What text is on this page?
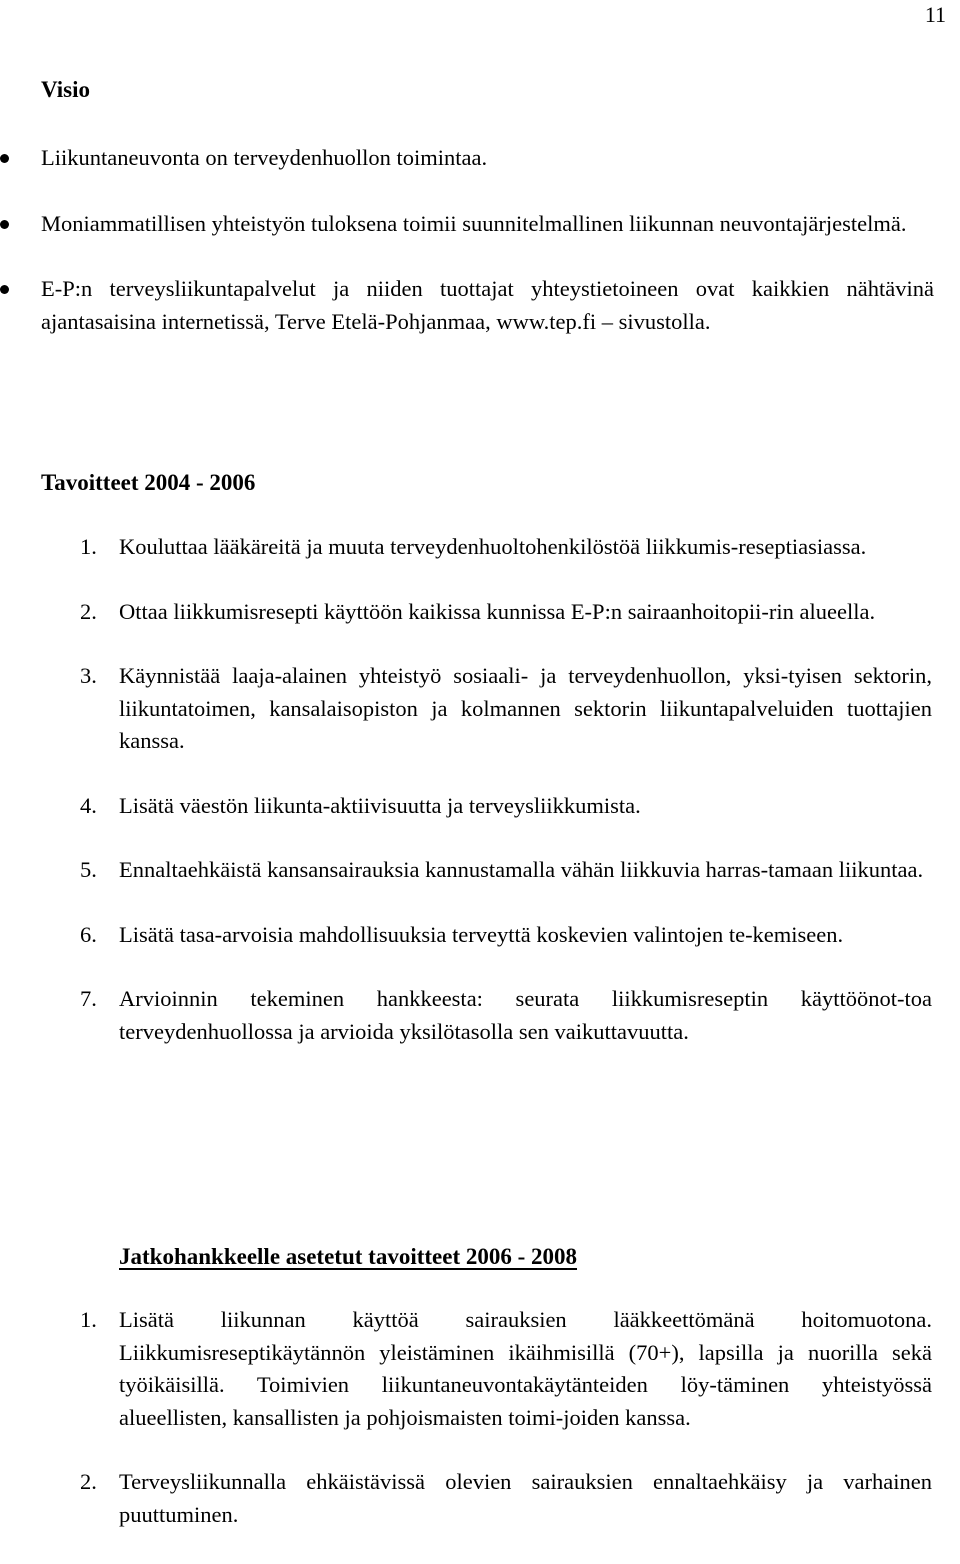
11
Visio
Liikuntaneuvonta on terveydenhuollon toimintaa.
Moniammatillisen yhteistyön tuloksena toimii suunnitelmallinen liikunnan neuvontajärjestelmä.
E-P:n terveysliikuntapalvelut ja niiden tuottajat yhteystietoineen ovat kaikkien nähtävinä ajantasaisina internetissä, Terve Etelä-Pohjanmaa, www.tep.fi – sivustolla.
Tavoitteet 2004 - 2006
1. Kouluttaa lääkäreitä ja muuta terveydenhuoltohenkilöstöä liikkumis-reseptiasiassa.
2. Ottaa liikkumisresepti käyttöön kaikissa kunnissa E-P:n sairaanhoitopii-rin alueella.
3. Käynnistää laaja-alainen yhteistyö sosiaali- ja terveydenhuollon, yksi-tyisen sektorin, liikuntatoimen, kansalaisopiston ja kolmannen sektorin liikuntapalveluiden tuottajien kanssa.
4. Lisätä väestön liikunta-aktiivisuutta ja terveysliikkumista.
5. Ennaltaehkäistä kansansairauksia kannustamalla vähän liikkuvia harras-tamaan liikuntaa.
6. Lisätä tasa-arvoisia mahdollisuuksia terveyttä koskevien valintojen te-kemiseen.
7. Arvioinnin tekeminen hankkeesta: seurata liikkumisreseptin käyttöönot-toa terveydenhuollossa ja arvioida yksilötasolla sen vaikuttavuutta.
Jatkohankkeelle asetetut tavoitteet 2006 - 2008
1. Lisätä liikunnan käyttöä sairauksien lääkkeettömänä hoitomuotona. Liikkumisreseptikäytännön yleistäminen ikäihmisillä (70+), lapsilla ja nuorilla sekä työikäisillä. Toimivien liikuntaneuvontakäytänteiden löy-täminen yhteistyössä alueellisten, kansallisten ja pohjoismaisten toimi-joiden kanssa.
2. Terveysliikunnalla ehkäistävissä olevien sairauksien ennaltaehkäisy ja varhainen puuttuminen.
